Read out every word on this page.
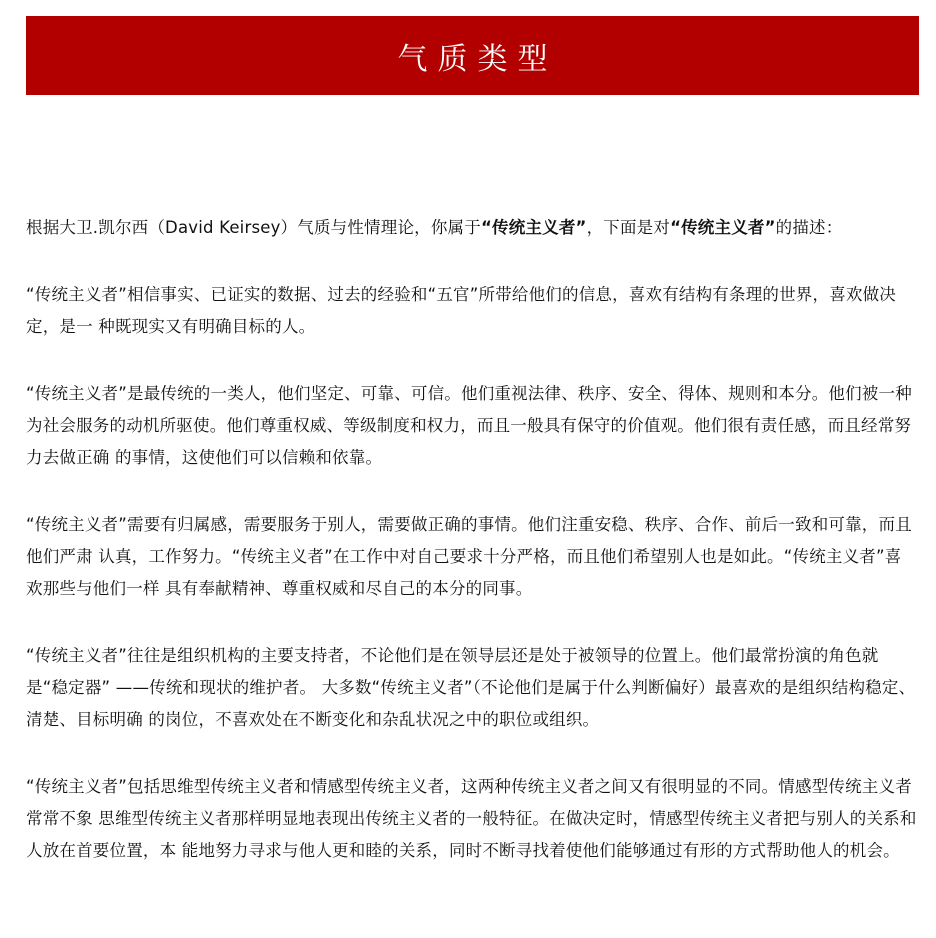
气质类型

根据大卫.凯尔西（David Keirsey）气质与性情理论，你属于“传统主义者”，下面是对“传统主义者”的描述：

“传统主义者”相信事实、已证实的数据、过去的经验和“五官”所带给他们的信息，喜欢有结构有条理的世界，喜欢做决定，是一 种既现实又有明确目标的人。

“传统主义者”是最传统的一类人，他们坚定、可靠、可信。他们重视法律、秩序、安全、得体、规则和本分。他们被一种 为社会服务的动机所驱使。他们尊重权威、等级制度和权力，而且一般具有保守的价值观。他们很有责任感，而且经常努力去做正确 的事情，这使他们可以信赖和依靠。

“传统主义者”需要有归属感，需要服务于别人，需要做正确的事情。他们注重安稳、秩序、合作、前后一致和可靠，而且他们严肃 认真，工作努力。“传统主义者”在工作中对自己要求十分严格，而且他们希望别人也是如此。“传统主义者”喜欢那些与他们一样 具有奉献精神、尊重权威和尽自己的本分的同事。

“传统主义者”往往是组织机构的主要支持者，不论他们是在领导层还是处于被领导的位置上。他们最常扮演的角色就是“稳定器” ——传统和现状的维护者。 大多数“传统主义者”（不论他们是属于什么判断偏好）最喜欢的是组织结构稳定、清楚、目标明确 的岗位，不喜欢处在不断变化和杂乱状况之中的职位或组织。

“传统主义者”包括思维型传统主义者和情感型传统主义者，这两种传统主义者之间又有很明显的不同。情感型传统主义者常常不象 思维型传统主义者那样明显地表现出传统主义者的一般特征。在做决定时，情感型传统主义者把与别人的关系和人放在首要位置，本 能地努力寻求与他人更和睦的关系，同时不断寻找着使他们能够通过有形的方式帮助他人的机会。
